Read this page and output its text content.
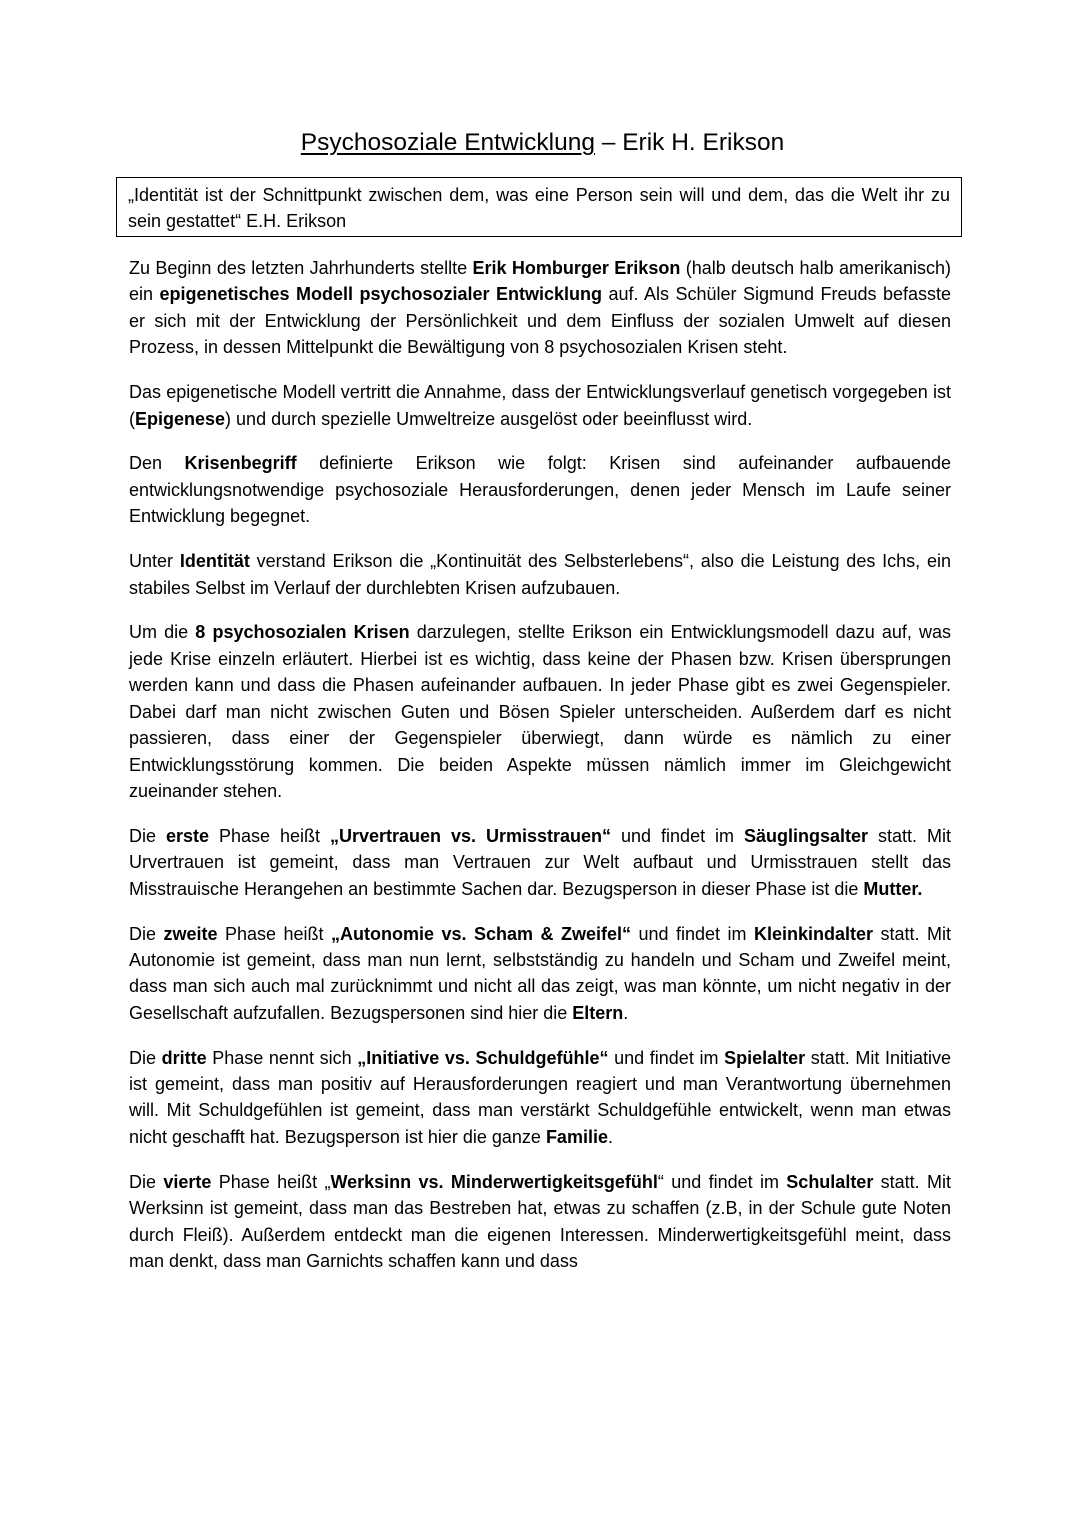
Psychosoziale Entwicklung – Erik H. Erikson
„Identität ist der Schnittpunkt zwischen dem, was eine Person sein will und dem, das die Welt ihr zu sein gestattet“ E.H. Erikson

Zu Beginn des letzten Jahrhunderts stellte Erik Homburger Erikson (halb deutsch halb amerikanisch) ein epigenetisches Modell psychosozialer Entwicklung auf. Als Schüler Sigmund Freuds befasste er sich mit der Entwicklung der Persönlichkeit und dem Einfluss der sozialen Umwelt auf diesen Prozess, in dessen Mittelpunkt die Bewältigung von 8 psychosozialen Krisen steht.

Das epigenetische Modell vertritt die Annahme, dass der Entwicklungsverlauf genetisch vorgegeben ist (Epigenese) und durch spezielle Umweltreize ausgelöst oder beeinflusst wird.

Den Krisenbegriff definierte Erikson wie folgt: Krisen sind aufeinander aufbauende entwicklungsnotwendige psychosoziale Herausforderungen, denen jeder Mensch im Laufe seiner Entwicklung begegnet.

Unter Identität verstand Erikson die „Kontinuität des Selbsterlebens“, also die Leistung des Ichs, ein stabiles Selbst im Verlauf der durchlebten Krisen aufzubauen.

Um die 8 psychosozialen Krisen darzulegen, stellte Erikson ein Entwicklungsmodell dazu auf, was jede Krise einzeln erläutert. Hierbei ist es wichtig, dass keine der Phasen bzw. Krisen übersprungen werden kann und dass die Phasen aufeinander aufbauen. In jeder Phase gibt es zwei Gegenspieler. Dabei darf man nicht zwischen Guten und Bösen Spieler unterscheiden. Außerdem darf es nicht passieren, dass einer der Gegenspieler überwiegt, dann würde es nämlich zu einer Entwicklungsstörung kommen. Die beiden Aspekte müssen nämlich immer im Gleichgewicht zueinander stehen.

Die erste Phase heißt „Urvertrauen vs. Urmisstrauen“ und findet im Säuglingsalter statt. Mit Urvertrauen ist gemeint, dass man Vertrauen zur Welt aufbaut und Urmisstrauen stellt das Misstrauische Herangehen an bestimmte Sachen dar. Bezugsperson in dieser Phase ist die Mutter.

Die zweite Phase heißt „Autonomie vs. Scham & Zweifel“ und findet im Kleinkindalter statt. Mit Autonomie ist gemeint, dass man nun lernt, selbstständig zu handeln und Scham und Zweifel meint, dass man sich auch mal zurücknimmt und nicht all das zeigt, was man könnte, um nicht negativ in der Gesellschaft aufzufallen. Bezugspersonen sind hier die Eltern.

Die dritte Phase nennt sich „Initiative vs. Schuldgefühle“ und findet im Spielalter statt. Mit Initiative ist gemeint, dass man positiv auf Herausforderungen reagiert und man Verantwortung übernehmen will. Mit Schuldgefühlen ist gemeint, dass man verstärkt Schuldgefühle entwickelt, wenn man etwas nicht geschafft hat. Bezugsperson ist hier die ganze Familie.

Die vierte Phase heißt „Werksinn vs. Minderwertigkeitsgefühl“ und findet im Schulalter statt. Mit Werksinn ist gemeint, dass man das Bestreben hat, etwas zu schaffen (z.B, in der Schule gute Noten durch Fleiß). Außerdem entdeckt man die eigenen Interessen. Minderwertigkeitsgefühl meint, dass man denkt, dass man Garnichts schaffen kann und dass
